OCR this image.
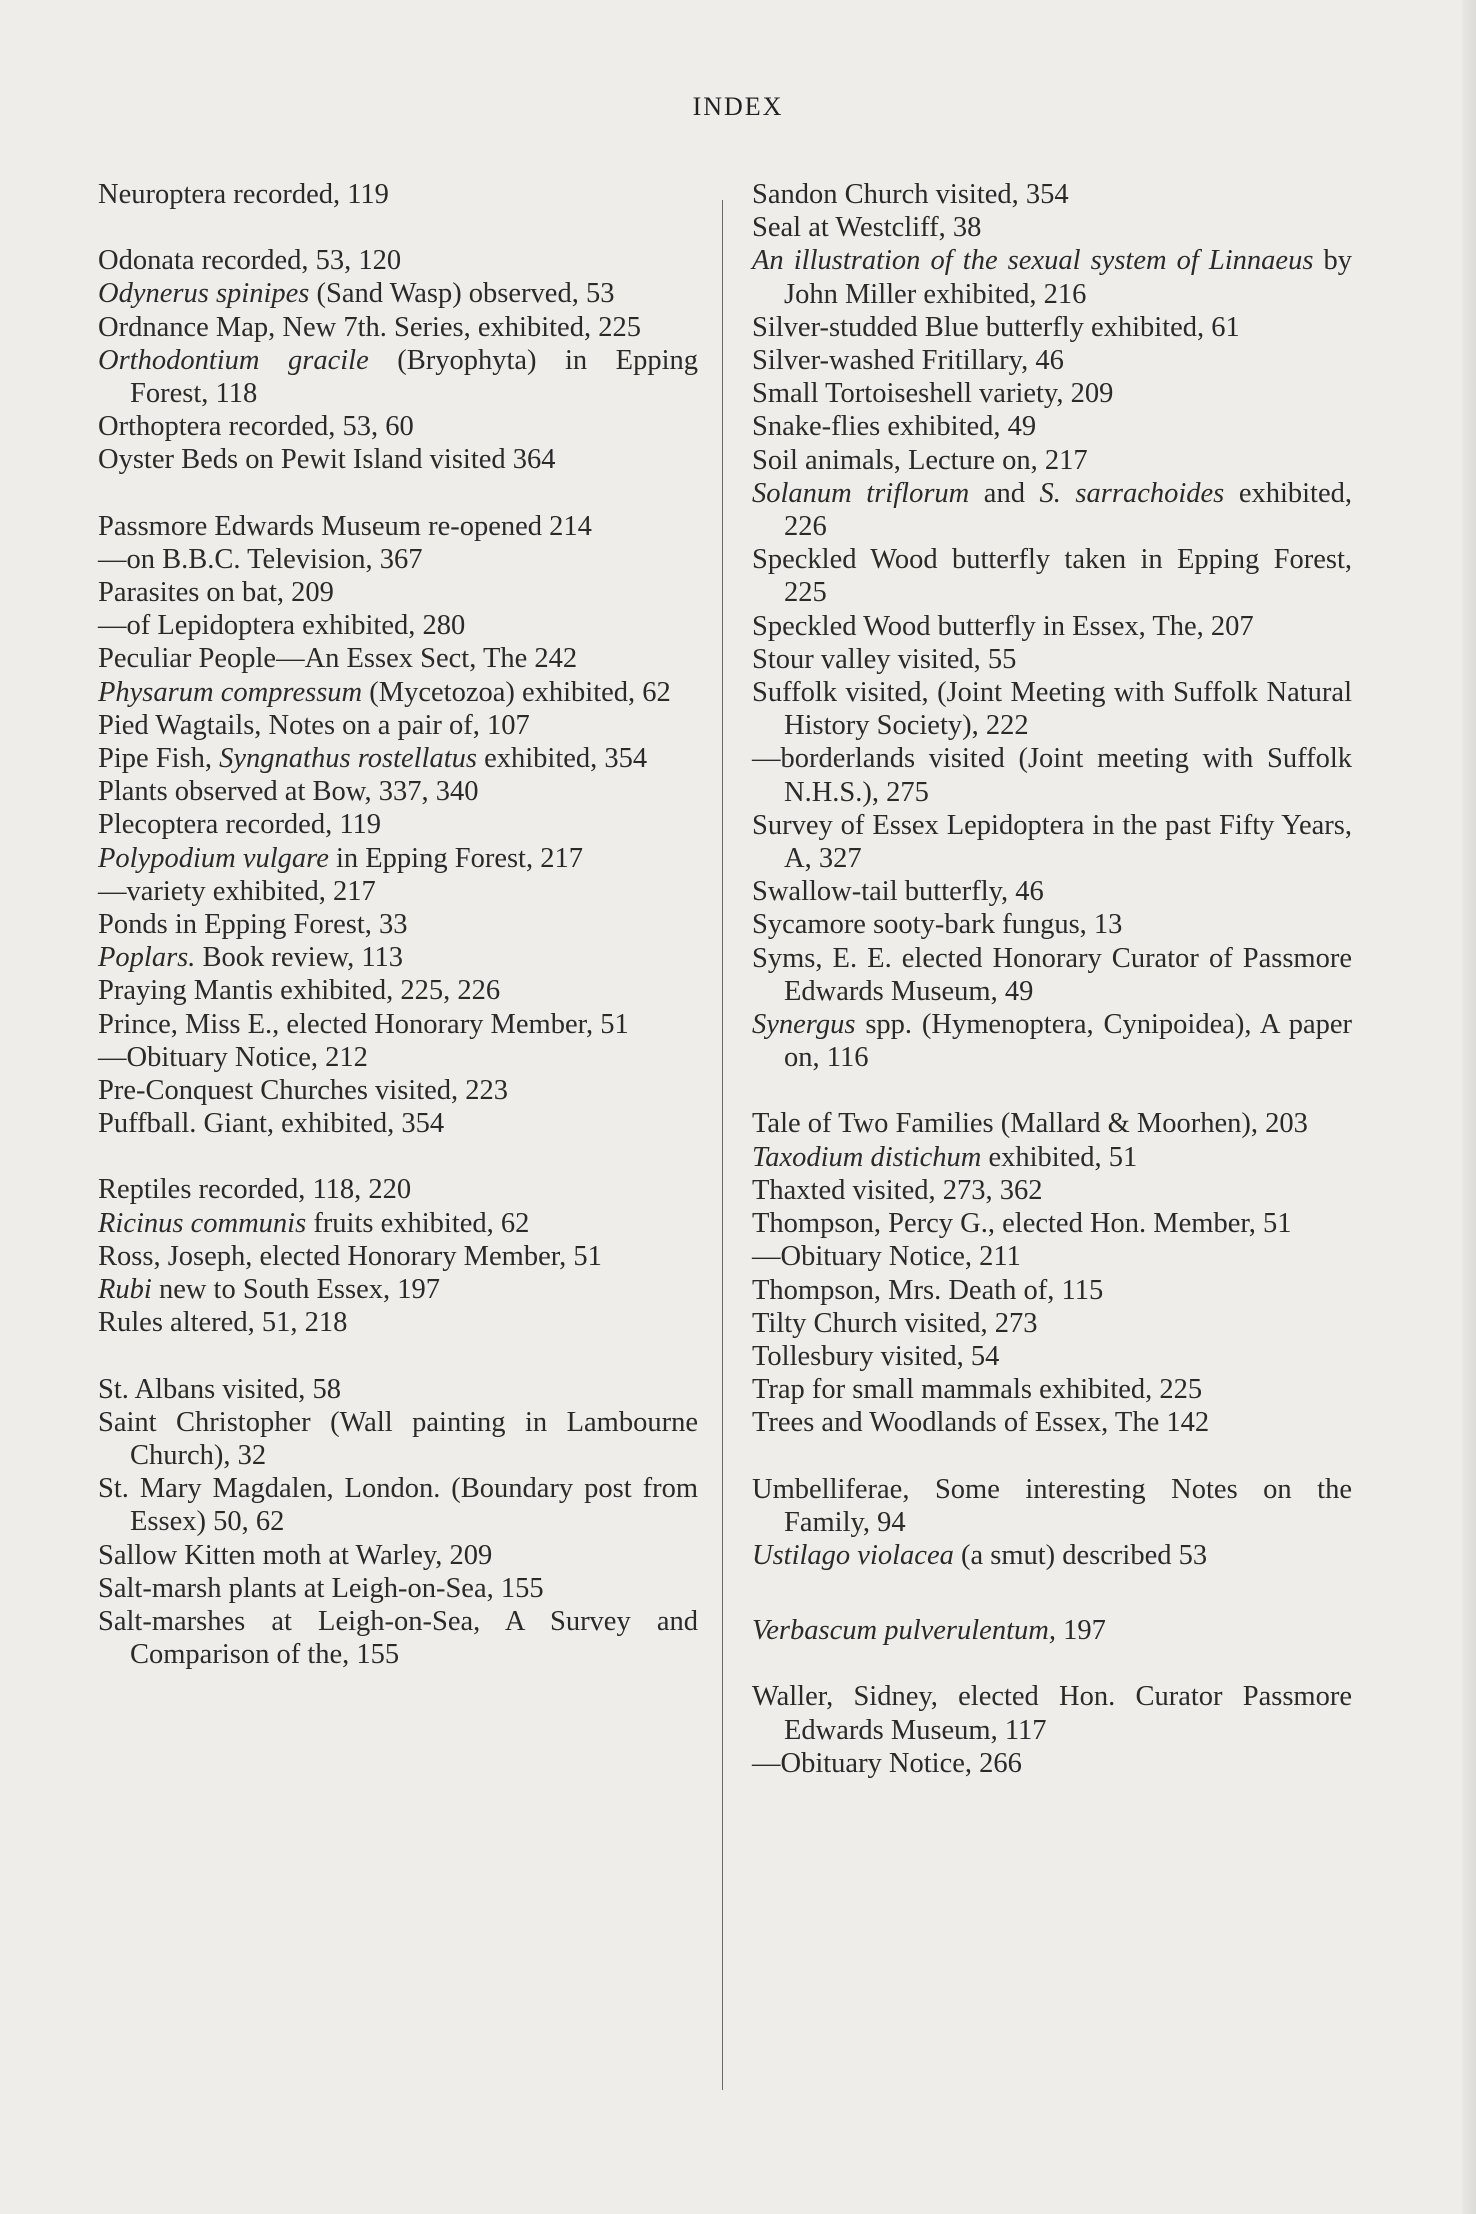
INDEX
Neuroptera recorded, 119
Odonata recorded, 53, 120
Odynerus spinipes (Sand Wasp) observed, 53
Ordnance Map, New 7th. Series, exhibited, 225
Orthodontium gracile (Bryophyta) in Epping Forest, 118
Orthoptera recorded, 53, 60
Oyster Beds on Pewit Island visited 364
Passmore Edwards Museum re-opened 214
—on B.B.C. Television, 367
Parasites on bat, 209
—of Lepidoptera exhibited, 280
Peculiar People—An Essex Sect, The 242
Physarum compressum (Mycetozoa) exhibited, 62
Pied Wagtails, Notes on a pair of, 107
Pipe Fish, Syngnathus rostellatus exhibited, 354
Plants observed at Bow, 337, 340
Plecoptera recorded, 119
Polypodium vulgare in Epping Forest, 217
—variety exhibited, 217
Ponds in Epping Forest, 33
Poplars. Book review, 113
Praying Mantis exhibited, 225, 226
Prince, Miss E., elected Honorary Member, 51
—Obituary Notice, 212
Pre-Conquest Churches visited, 223
Puffball. Giant, exhibited, 354
Reptiles recorded, 118, 220
Ricinus communis fruits exhibited, 62
Ross, Joseph, elected Honorary Member, 51
Rubi new to South Essex, 197
Rules altered, 51, 218
St. Albans visited, 58
Saint Christopher (Wall painting in Lambourne Church), 32
St. Mary Magdalen, London. (Boundary post from Essex) 50, 62
Sallow Kitten moth at Warley, 209
Salt-marsh plants at Leigh-on-Sea, 155
Salt-marshes at Leigh-on-Sea, A Survey and Comparison of the, 155
Sandon Church visited, 354
Seal at Westcliff, 38
An illustration of the sexual system of Linnaeus by John Miller exhibited, 216
Silver-studded Blue butterfly exhibited, 61
Silver-washed Fritillary, 46
Small Tortoiseshell variety, 209
Snake-flies exhibited, 49
Soil animals, Lecture on, 217
Solanum triflorum and S. sarrachoides exhibited, 226
Speckled Wood butterfly taken in Epping Forest, 225
Speckled Wood butterfly in Essex, The, 207
Stour valley visited, 55
Suffolk visited, (Joint Meeting with Suffolk Natural History Society), 222
—borderlands visited (Joint meeting with Suffolk N.H.S.), 275
Survey of Essex Lepidoptera in the past Fifty Years, A, 327
Swallow-tail butterfly, 46
Sycamore sooty-bark fungus, 13
Syms, E. E. elected Honorary Curator of Passmore Edwards Museum, 49
Synergus spp. (Hymenoptera, Cynipoidea), A paper on, 116
Tale of Two Families (Mallard & Moorhen), 203
Taxodium distichum exhibited, 51
Thaxted visited, 273, 362
Thompson, Percy G., elected Hon. Member, 51
—Obituary Notice, 211
Thompson, Mrs. Death of, 115
Tilty Church visited, 273
Tollesbury visited, 54
Trap for small mammals exhibited, 225
Trees and Woodlands of Essex, The 142
Umbelliferae, Some interesting Notes on the Family, 94
Ustilago violacea (a smut) described 53
Verbascum pulverulentum, 197
Waller, Sidney, elected Hon. Curator Passmore Edwards Museum, 117
—Obituary Notice, 266
